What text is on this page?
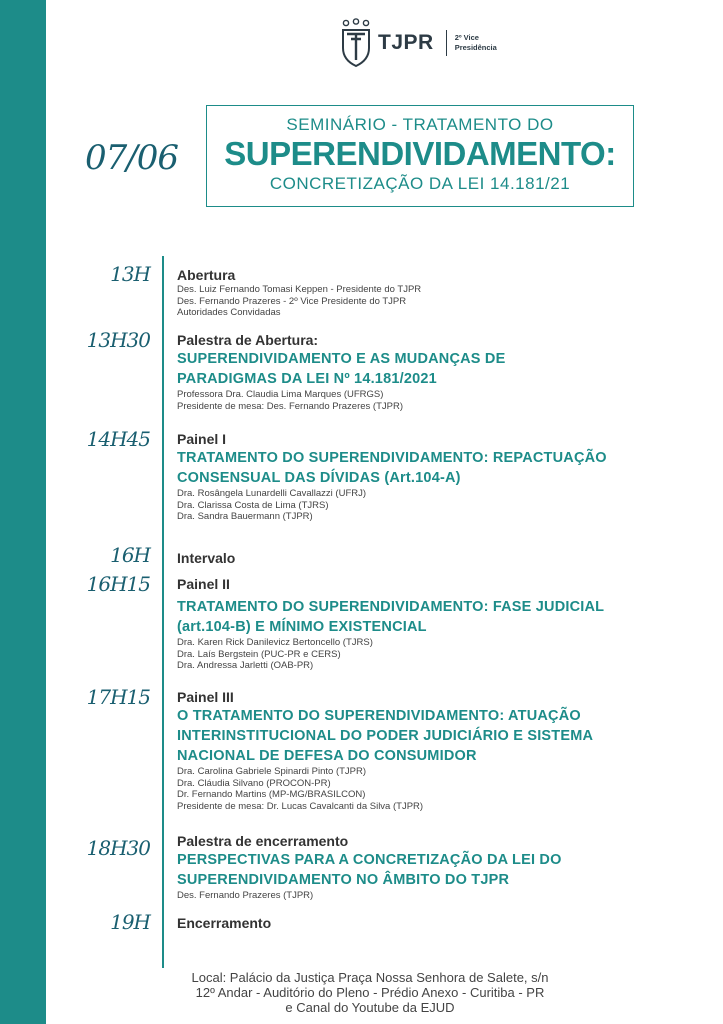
TJPR	2º Vice
Presidência
07/06
SEMINÁRIO - TRATAMENTO DO
SUPERENDIVIDAMENTO:
CONCRETIZAÇÃO DA LEI 14.181/21
13H Abertura
Des. Luiz Fernando Tomasi Keppen - Presidente do TJPR
Des. Fernando Prazeres - 2º Vice Presidente do TJPR
Autoridades Convidadas
13H30 Palestra de Abertura:
SUPERENDIVIDAMENTO E AS MUDANÇAS DE
PARADIGMAS DA LEI Nº 14.181/2021
Professora Dra. Claudia Lima Marques (UFRGS)
Presidente de mesa: Des. Fernando Prazeres (TJPR)
14H45 Painel I
TRATAMENTO DO SUPERENDIVIDAMENTO: REPACTUAÇÃO
CONSENSUAL DAS DÍVIDAS (Art.104-A)
Dra. Rosângela Lunardelli Cavallazzi (UFRJ)
Dra. Clarissa Costa de Lima (TJRS)
Dra. Sandra Bauermann (TJPR)
16H Intervalo
16H15 Painel II
TRATAMENTO DO SUPERENDIVIDAMENTO: FASE JUDICIAL
(art.104-B) E MÍNIMO EXISTENCIAL
Dra. Karen Rick Danilevicz Bertoncello (TJRS)
Dra. Laís Bergstein (PUC-PR e CERS)
Dra. Andressa Jarletti (OAB-PR)
17H15 Painel III
O TRATAMENTO DO SUPERENDIVIDAMENTO: ATUAÇÃO
INTERINSTITUCIONAL DO PODER JUDICIÁRIO E SISTEMA
NACIONAL DE DEFESA DO CONSUMIDOR
Dra. Carolina Gabriele Spinardi Pinto (TJPR)
Dra. Cláudia Silvano (PROCON-PR)
Dr. Fernando Martins (MP-MG/BRASILCON)
Presidente de mesa: Dr. Lucas Cavalcanti da Silva (TJPR)
18H30 Palestra de encerramento
PERSPECTIVAS PARA A CONCRETIZAÇÃO DA LEI DO
SUPERENDIVIDAMENTO NO ÂMBITO DO TJPR
Des. Fernando Prazeres (TJPR)
19H Encerramento
Local: Palácio da Justiça Praça Nossa Senhora de Salete, s/n
12º Andar - Auditório do Pleno - Prédio Anexo - Curitiba - PR
e Canal do Youtube da EJUD
